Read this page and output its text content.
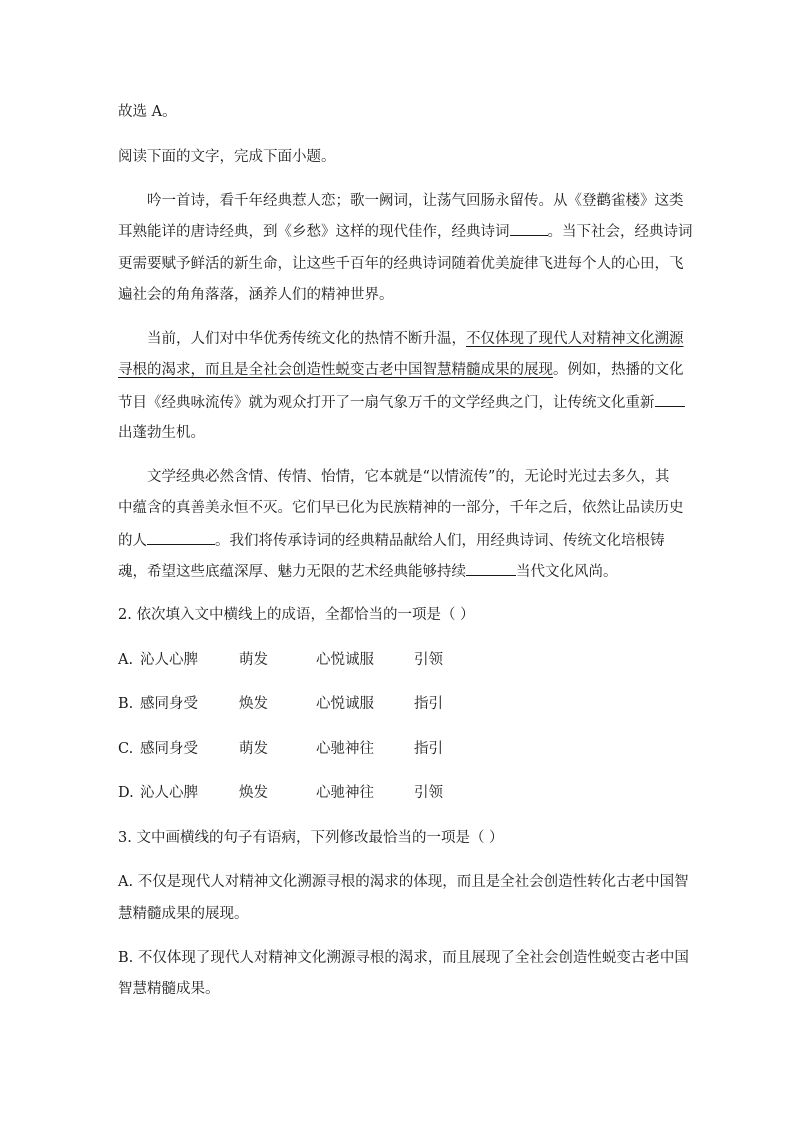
故选 A。
阅读下面的文字，完成下面小题。
吟一首诗，看千年经典惹人恋；歌一阙词，让荡气回肠永留传。从《登鹳雀楼》这类
耳熟能详的唐诗经典，到《乡愁》这样的现代佳作，经典诗词	。当下社会，经典诗词
更需要赋予鲜活的新生命，让这些千百年的经典诗词随着优美旋律飞进每个人的心田，飞
遍社会的角角落落，涵养人们的精神世界。
当前，人们对中华优秀传统文化的热情不断升温，不仅体现了现代人对精神文化溯源
寻根的渴求，而且是全社会创造性蜕变古老中国智慧精髓成果的展现。例如，热播的文化
节目《经典咏流传》就为观众打开了一扇气象万千的文学经典之门，让传统文化重新
出蓬勃生机。
文学经典必然含情、传情、怡情，它本就是“以情流传”的，无论时光过去多久，其
中蕴含的真善美永恒不灭。它们早已化为民族精神的一部分，千年之后，依然让品读历史
的人	。我们将传承诗词的经典精品献给人们，用经典诗词、传统文化培根铸
魂，希望这些底蕴深厚、魅力无限的艺术经典能够持续	当代文化风尚。
2. 依次填入文中横线上的成语，全都恰当的一项是（ ）
A. 沁人心脾	萌发	心悦诚服	引领
B. 感同身受	焕发	心悦诚服	指引
C. 感同身受	萌发	心驰神往	指引
D. 沁人心脾	焕发	心驰神往	引领
3. 文中画横线的句子有语病，下列修改最恰当的一项是（ ）
A. 不仅是现代人对精神文化溯源寻根的渴求的体现，而且是全社会创造性转化古老中国智
慧精髓成果的展现。
B. 不仅体现了现代人对精神文化溯源寻根的渴求，而且展现了全社会创造性蜕变古老中国
智慧精髓成果。
